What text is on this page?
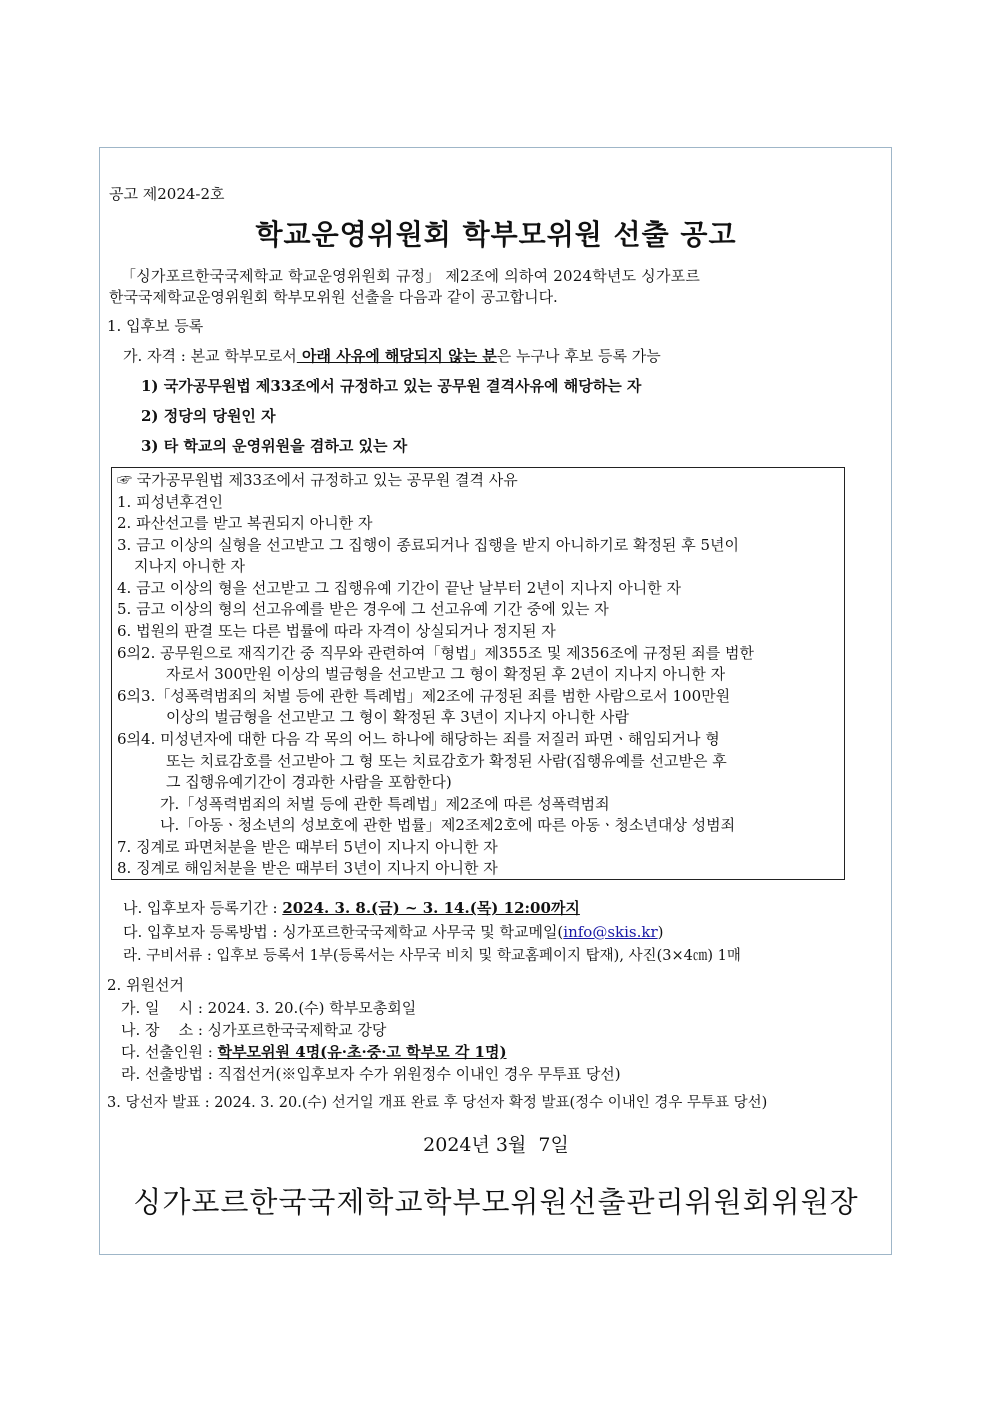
공고 제2024-2호
학교운영위원회 학부모위원 선출 공고
「싱가포르한국국제학교 학교운영위원회 규정」 제2조에 의하여 2024학년도 싱가포르
한국국제학교운영위원회 학부모위원 선출을 다음과 같이 공고합니다.
1. 입후보 등록
가. 자격 : 본교 학부모로서 아래 사유에 해당되지 않는 분은 누구나 후보 등록 가능
1) 국가공무원법 제33조에서 규정하고 있는 공무원 결격사유에 해당하는 자
2) 정당의 당원인 자
3) 타 학교의 운영위원을 겸하고 있는 자
☞ 국가공무원법 제33조에서 규정하고 있는 공무원 결격 사유
1. 피성년후견인
2. 파산선고를 받고 복권되지 아니한 자
3. 금고 이상의 실형을 선고받고 그 집행이 종료되거나 집행을 받지 아니하기로 확정된 후 5년이
지나지 아니한 자
4. 금고 이상의 형을 선고받고 그 집행유예 기간이 끝난 날부터 2년이 지나지 아니한 자
5. 금고 이상의 형의 선고유예를 받은 경우에 그 선고유예 기간 중에 있는 자
6. 법원의 판결 또는 다른 법률에 따라 자격이 상실되거나 정지된 자
6의2. 공무원으로 재직기간 중 직무와 관련하여「형법」제355조 및 제356조에 규정된 죄를 범한
자로서 300만원 이상의 벌금형을 선고받고 그 형이 확정된 후 2년이 지나지 아니한 자
6의3.「성폭력범죄의 처벌 등에 관한 특례법」제2조에 규정된 죄를 범한 사람으로서 100만원
이상의 벌금형을 선고받고 그 형이 확정된 후 3년이 지나지 아니한 사람
6의4. 미성년자에 대한 다음 각 목의 어느 하나에 해당하는 죄를 저질러 파면ㆍ해임되거나 형
또는 치료감호를 선고받아 그 형 또는 치료감호가 확정된 사람(집행유예를 선고받은 후
그 집행유예기간이 경과한 사람을 포함한다)
가.「성폭력범죄의 처벌 등에 관한 특례법」제2조에 따른 성폭력범죄
나.「아동ㆍ청소년의 성보호에 관한 법률」제2조제2호에 따른 아동ㆍ청소년대상 성범죄
7. 징계로 파면처분을 받은 때부터 5년이 지나지 아니한 자
8. 징계로 해임처분을 받은 때부터 3년이 지나지 아니한 자
나. 입후보자 등록기간 : 2024. 3. 8.(금) ~ 3. 14.(목) 12:00까지
다. 입후보자 등록방법 : 싱가포르한국국제학교 사무국 및 학교메일(info@skis.kr)
라. 구비서류 : 입후보 등록서 1부(등록서는 사무국 비치 및 학교홈페이지 탑재), 사진(3×4㎝) 1매
2. 위원선거
가. 일    시 : 2024. 3. 20.(수) 학부모총회일
나. 장    소 : 싱가포르한국국제학교 강당
다. 선출인원 : 학부모위원 4명(유·초·중·고 학부모 각 1명)
라. 선출방법 : 직접선거(※입후보자 수가 위원정수 이내인 경우 무투표 당선)
3. 당선자 발표 : 2024. 3. 20.(수) 선거일 개표 완료 후 당선자 확정 발표(정수 이내인 경우 무투표 당선)
2024년 3월  7일
싱가포르한국국제학교학부모위원선출관리위원회위원장
